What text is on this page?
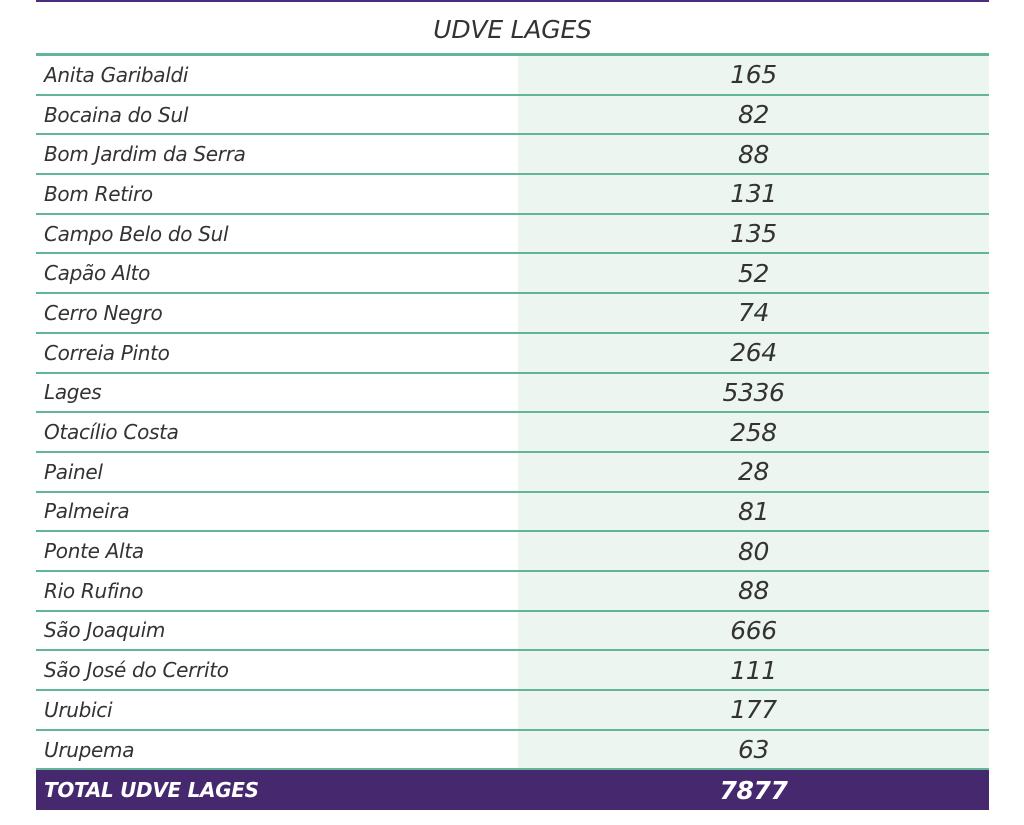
UDVE LAGES
Anita Garibaldi	165
Bocaina do Sul	82
Bom Jardim da Serra	88
Bom Retiro	131
Campo Belo do Sul	135
Capão Alto	52
Cerro Negro	74
Correia Pinto	264
Lages	5336
Otacílio Costa	258
Painel	28
Palmeira	81
Ponte Alta	80
Rio Rufino	88
São Joaquim	666
São José do Cerrito	111
Urubici	177
Urupema	63
TOTAL UDVE LAGES	7877
